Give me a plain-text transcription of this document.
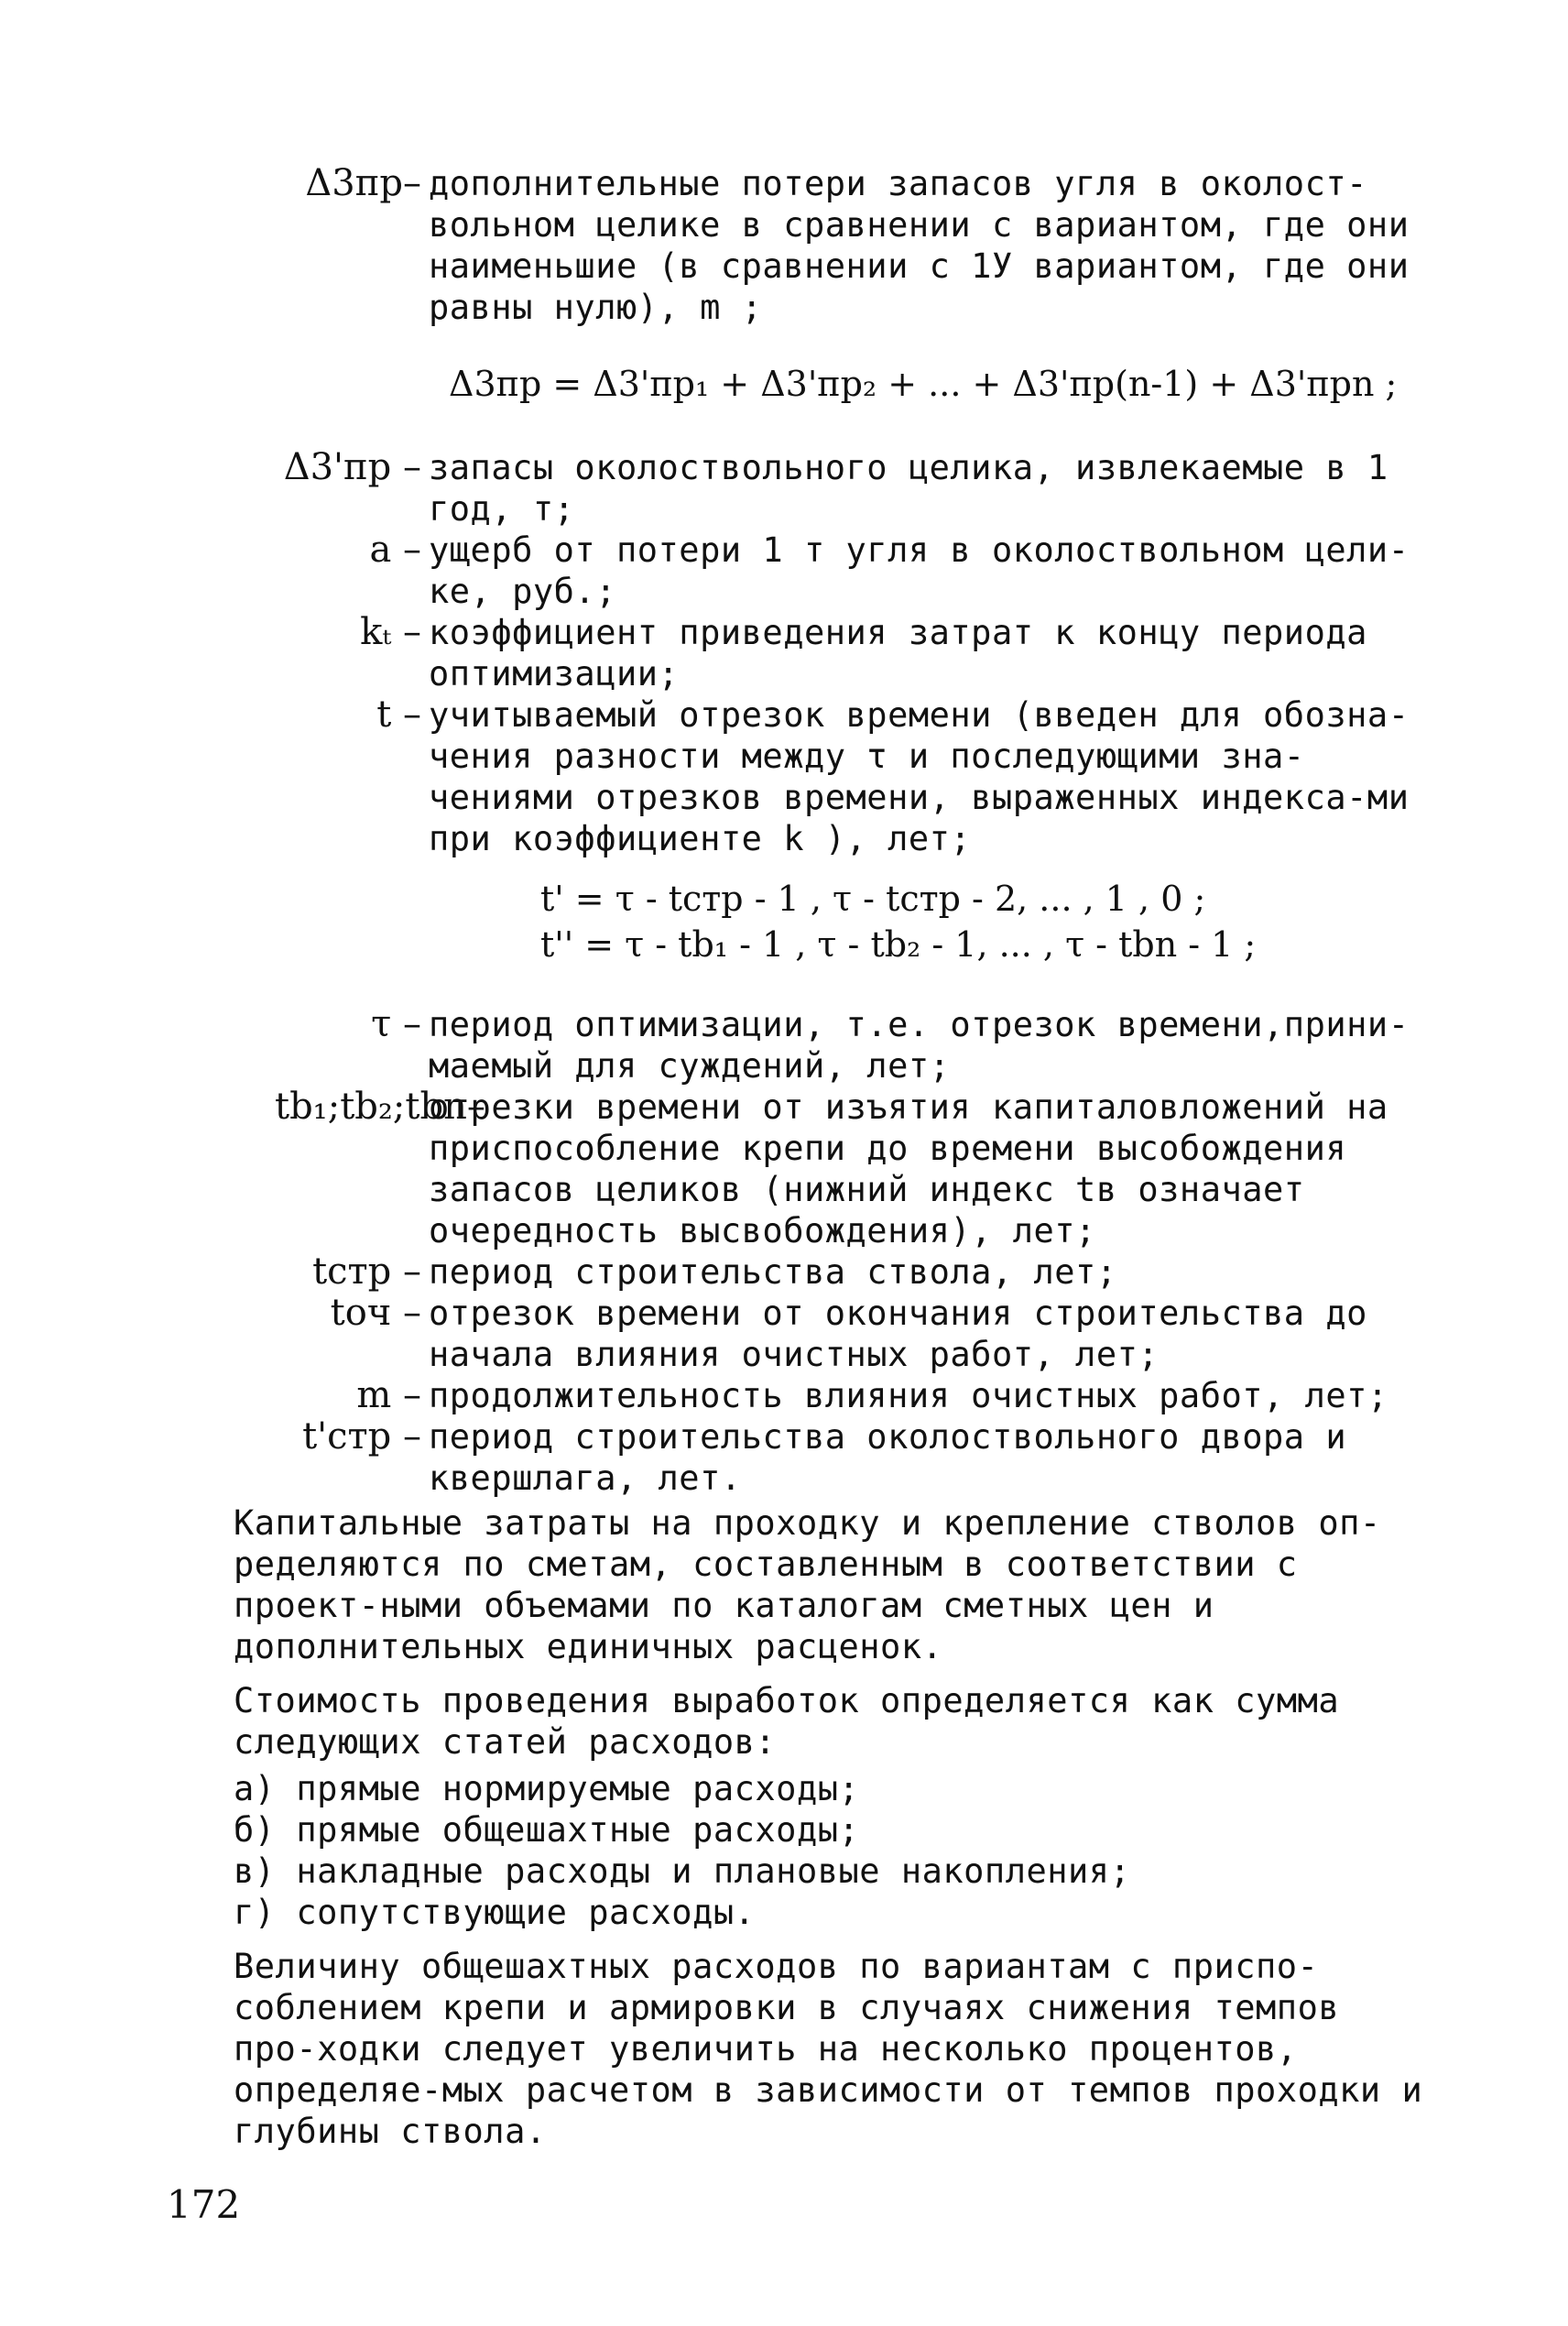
Δ3пр– дополнительные потери запасов угля в околост-вольном целике в сравнении с вариантом, где они наименьшие (в сравнении с 1У вариантом, где они равны нулю), m ;
Δ3пр = Δ3'пр₁ + Δ3'пр₂ + ... + Δ3'пр(n-1) + Δ3'прn ;
Δ3'пр – запасы околоствольного целика, извлекаемые в 1 год, т;
a – ущерб от потери 1 т угля в околоствольном цели-ке, руб.;
kₜ – коэффициент приведения затрат к концу периода оптимизации;
t – учитываемый отрезок времени (введен для обозна-чения разности между τ и последующими зна-чениями отрезков времени, выраженных индекса-ми при коэффициенте k ), лет;
t' = τ - tстр - 1 , τ - tстр - 2, ... , 1 , 0 ;
t'' = τ - tb₁ - 1 , τ - tb₂ - 1, ... , τ - tbn - 1 ;
τ – период оптимизации, т.е. отрезок времени,прини-маемый для суждений, лет;
tb₁;tb₂;tbn–
отрезки времени от изъятия капиталовложений на приспособление крепи до времени высобождения запасов целиков (нижний индекс tв означает очередность высвобождения), лет;
tстр – период строительства ствола, лет;
tоч – отрезок времени от окончания строительства до начала влияния очистных работ, лет;
m – продолжительность влияния очистных работ, лет;
t'стр – период строительства околоствольного двора и квершлага, лет.

Капитальные затраты на проходку и крепление стволов оп-ределяются по сметам, составленным в соответствии с проект-ными объемами по каталогам сметных цен и дополнительных единичных расценок.

Стоимость проведения выработок определяется как сумма следующих статей расходов:

а) прямые нормируемые расходы;

б) прямые общешахтные расходы;

в) накладные расходы и плановые накопления;

г) сопутствующие расходы.

Величину общешахтных расходов по вариантам с приспо-соблением крепи и армировки в случаях снижения темпов про-ходки следует увеличить на несколько процентов, определяе-мых расчетом в зависимости от темпов проходки и глубины ствола.

172
